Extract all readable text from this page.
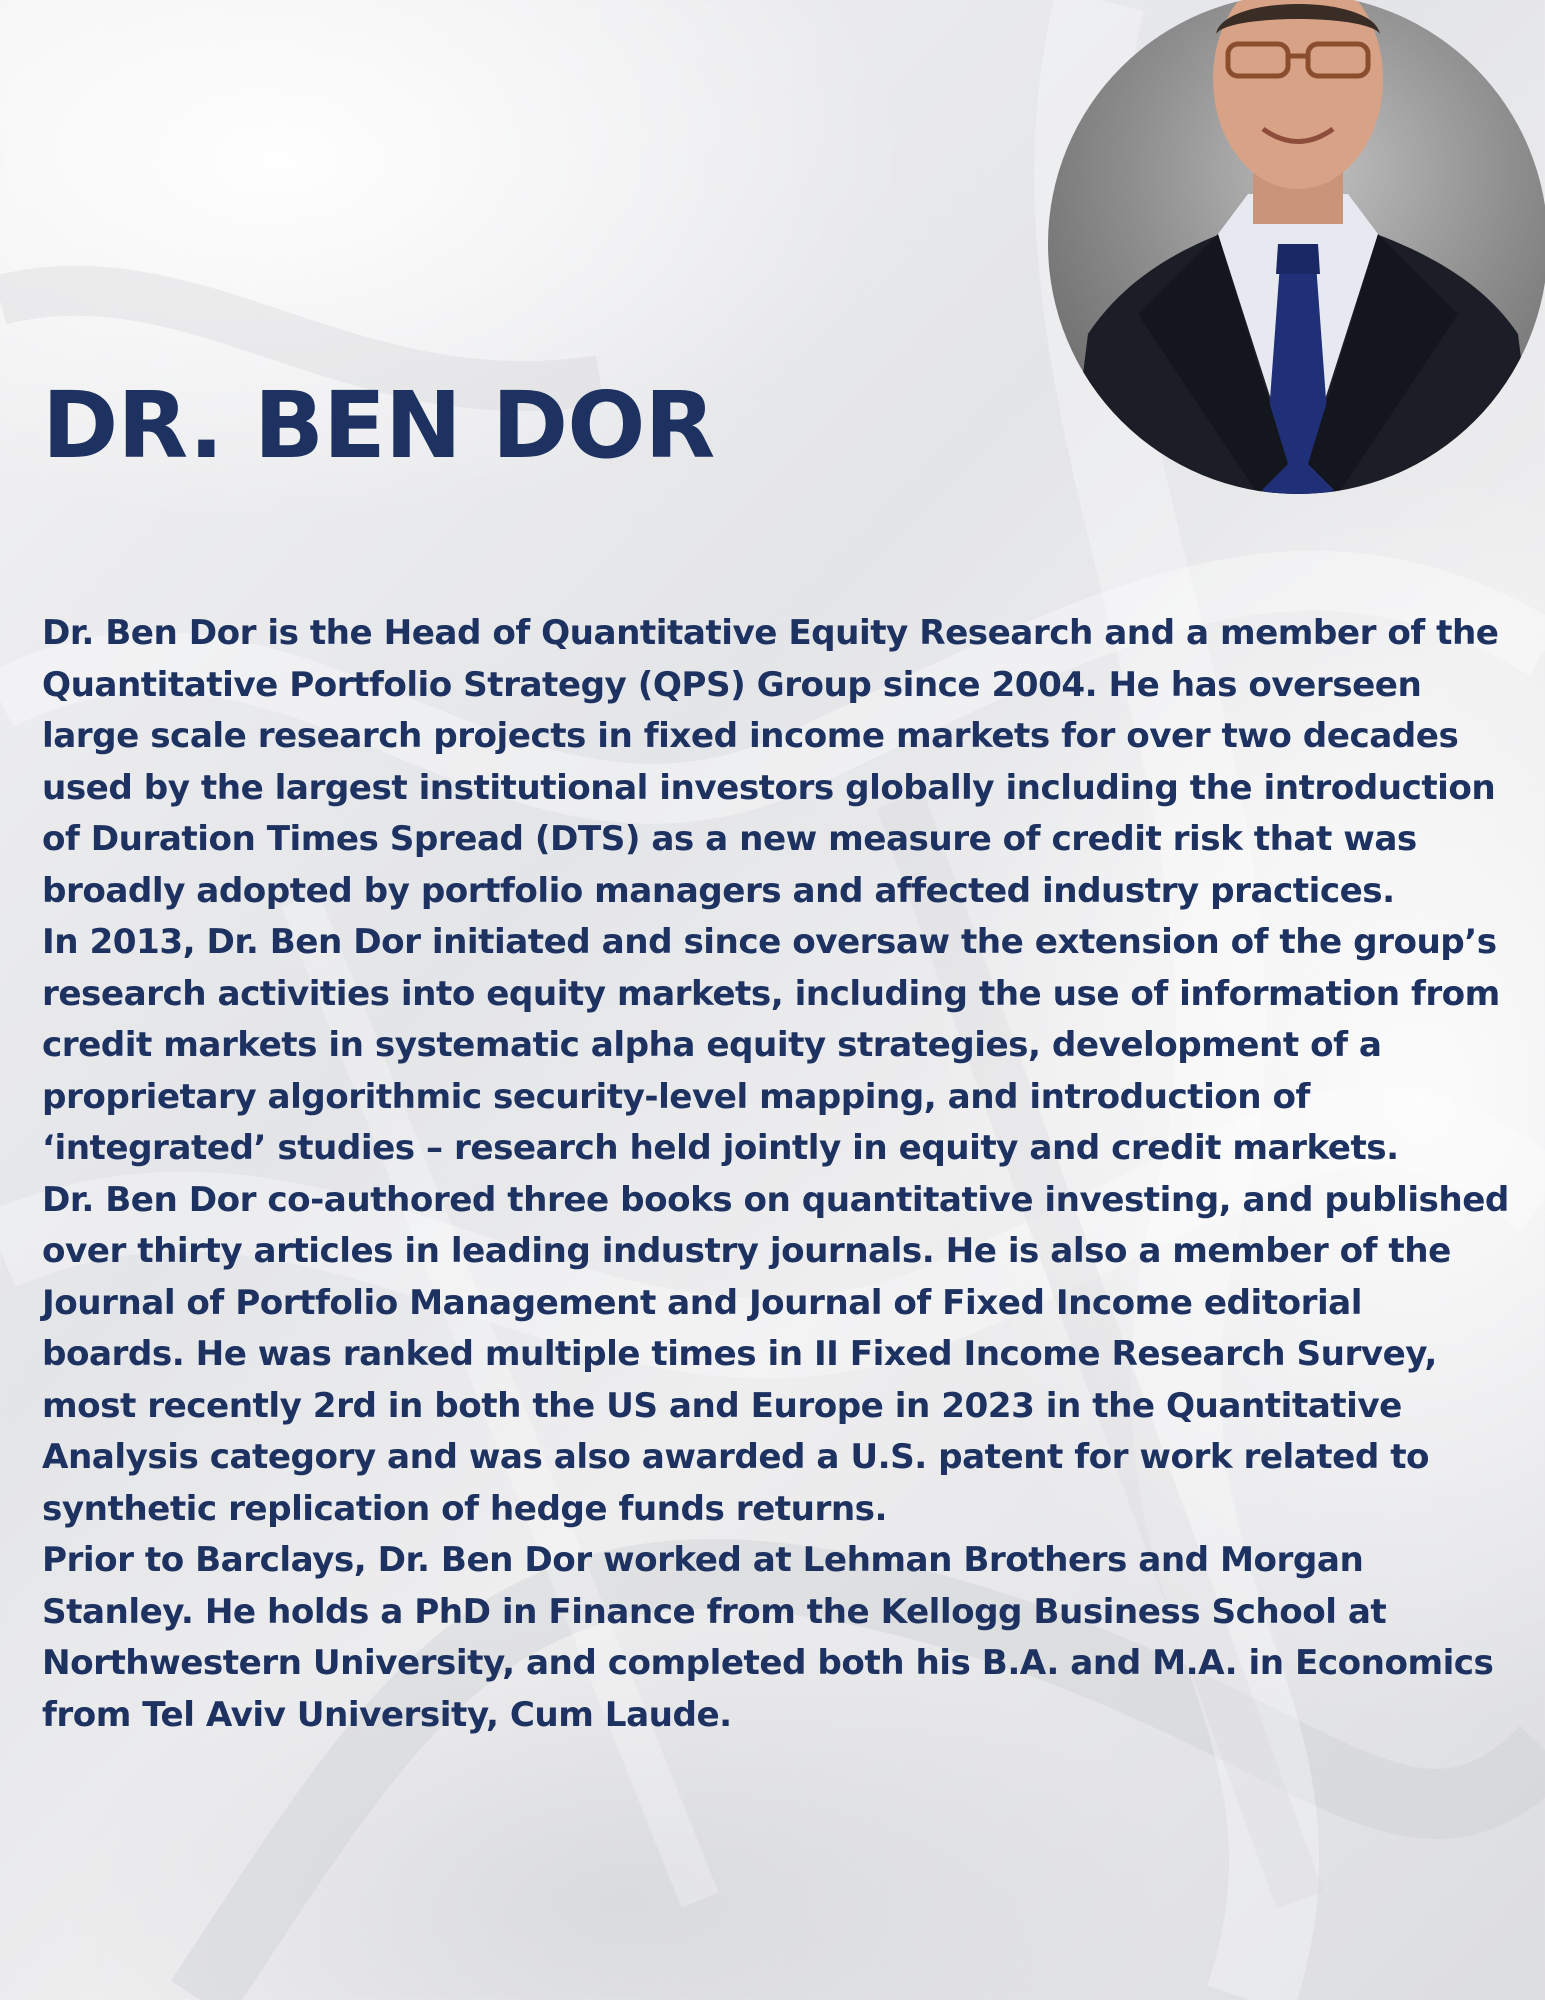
DR. BEN DOR

Dr. Ben Dor is the Head of Quantitative Equity Research and a member of the Quantitative Portfolio Strategy (QPS) Group since 2004. He has overseen large scale research projects in fixed income markets for over two decades used by the largest institutional investors globally including the introduction of Duration Times Spread (DTS) as a new measure of credit risk that was broadly adopted by portfolio managers and affected industry practices.

In 2013, Dr. Ben Dor initiated and since oversaw the extension of the group’s research activities into equity markets, including the use of information from credit markets in systematic alpha equity strategies, development of a proprietary algorithmic security-level mapping, and introduction of ‘integrated’ studies – research held jointly in equity and credit markets.

Dr. Ben Dor co-authored three books on quantitative investing, and published over thirty articles in leading industry journals. He is also a member of the Journal of Portfolio Management and Journal of Fixed Income editorial boards. He was ranked multiple times in II Fixed Income Research Survey, most recently 2rd in both the US and Europe in 2023 in the Quantitative Analysis category and was also awarded a U.S. patent for work related to synthetic replication of hedge funds returns.

Prior to Barclays, Dr. Ben Dor worked at Lehman Brothers and Morgan Stanley. He holds a PhD in Finance from the Kellogg Business School at Northwestern University, and completed both his B.A. and M.A. in Economics from Tel Aviv University, Cum Laude.
